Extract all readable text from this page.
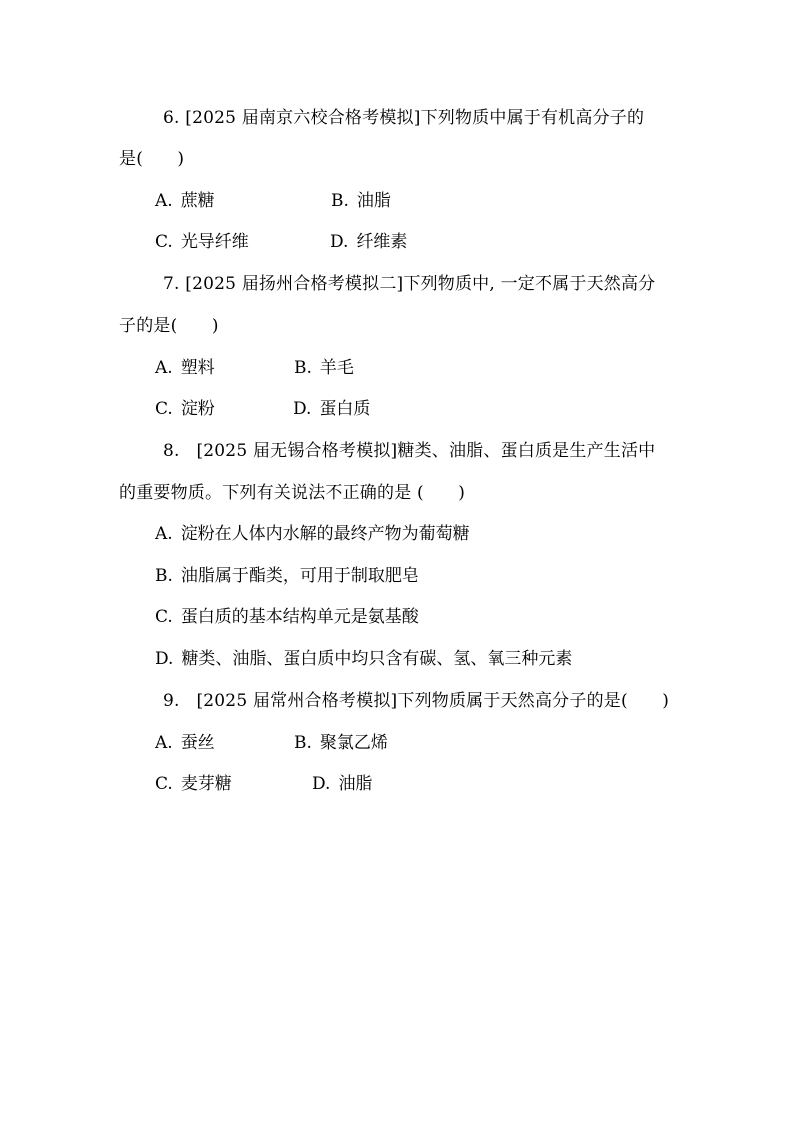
6. [2025 届南京六校合格考模拟]下列物质中属于有机高分子的
是(　　)
A. 蔗糖	B. 油脂
C. 光导纤维	D. 纤维素
7. [2025 届扬州合格考模拟二]下列物质中, 一定不属于天然高分
子的是(　　)
A. 塑料	B. 羊毛
C. 淀粉	D. 蛋白质
8. [2025 届无锡合格考模拟]糖类、油脂、蛋白质是生产生活中
的重要物质。下列有关说法不正确的是 (　　)
A. 淀粉在人体内水解的最终产物为葡萄糖
B. 油脂属于酯类，可用于制取肥皂
C. 蛋白质的基本结构单元是氨基酸
D. 糖类、油脂、蛋白质中均只含有碳、氢、氧三种元素
9. [2025 届常州合格考模拟]下列物质属于天然高分子的是(　　)
A. 蚕丝	B. 聚氯乙烯
C. 麦芽糖	D. 油脂
